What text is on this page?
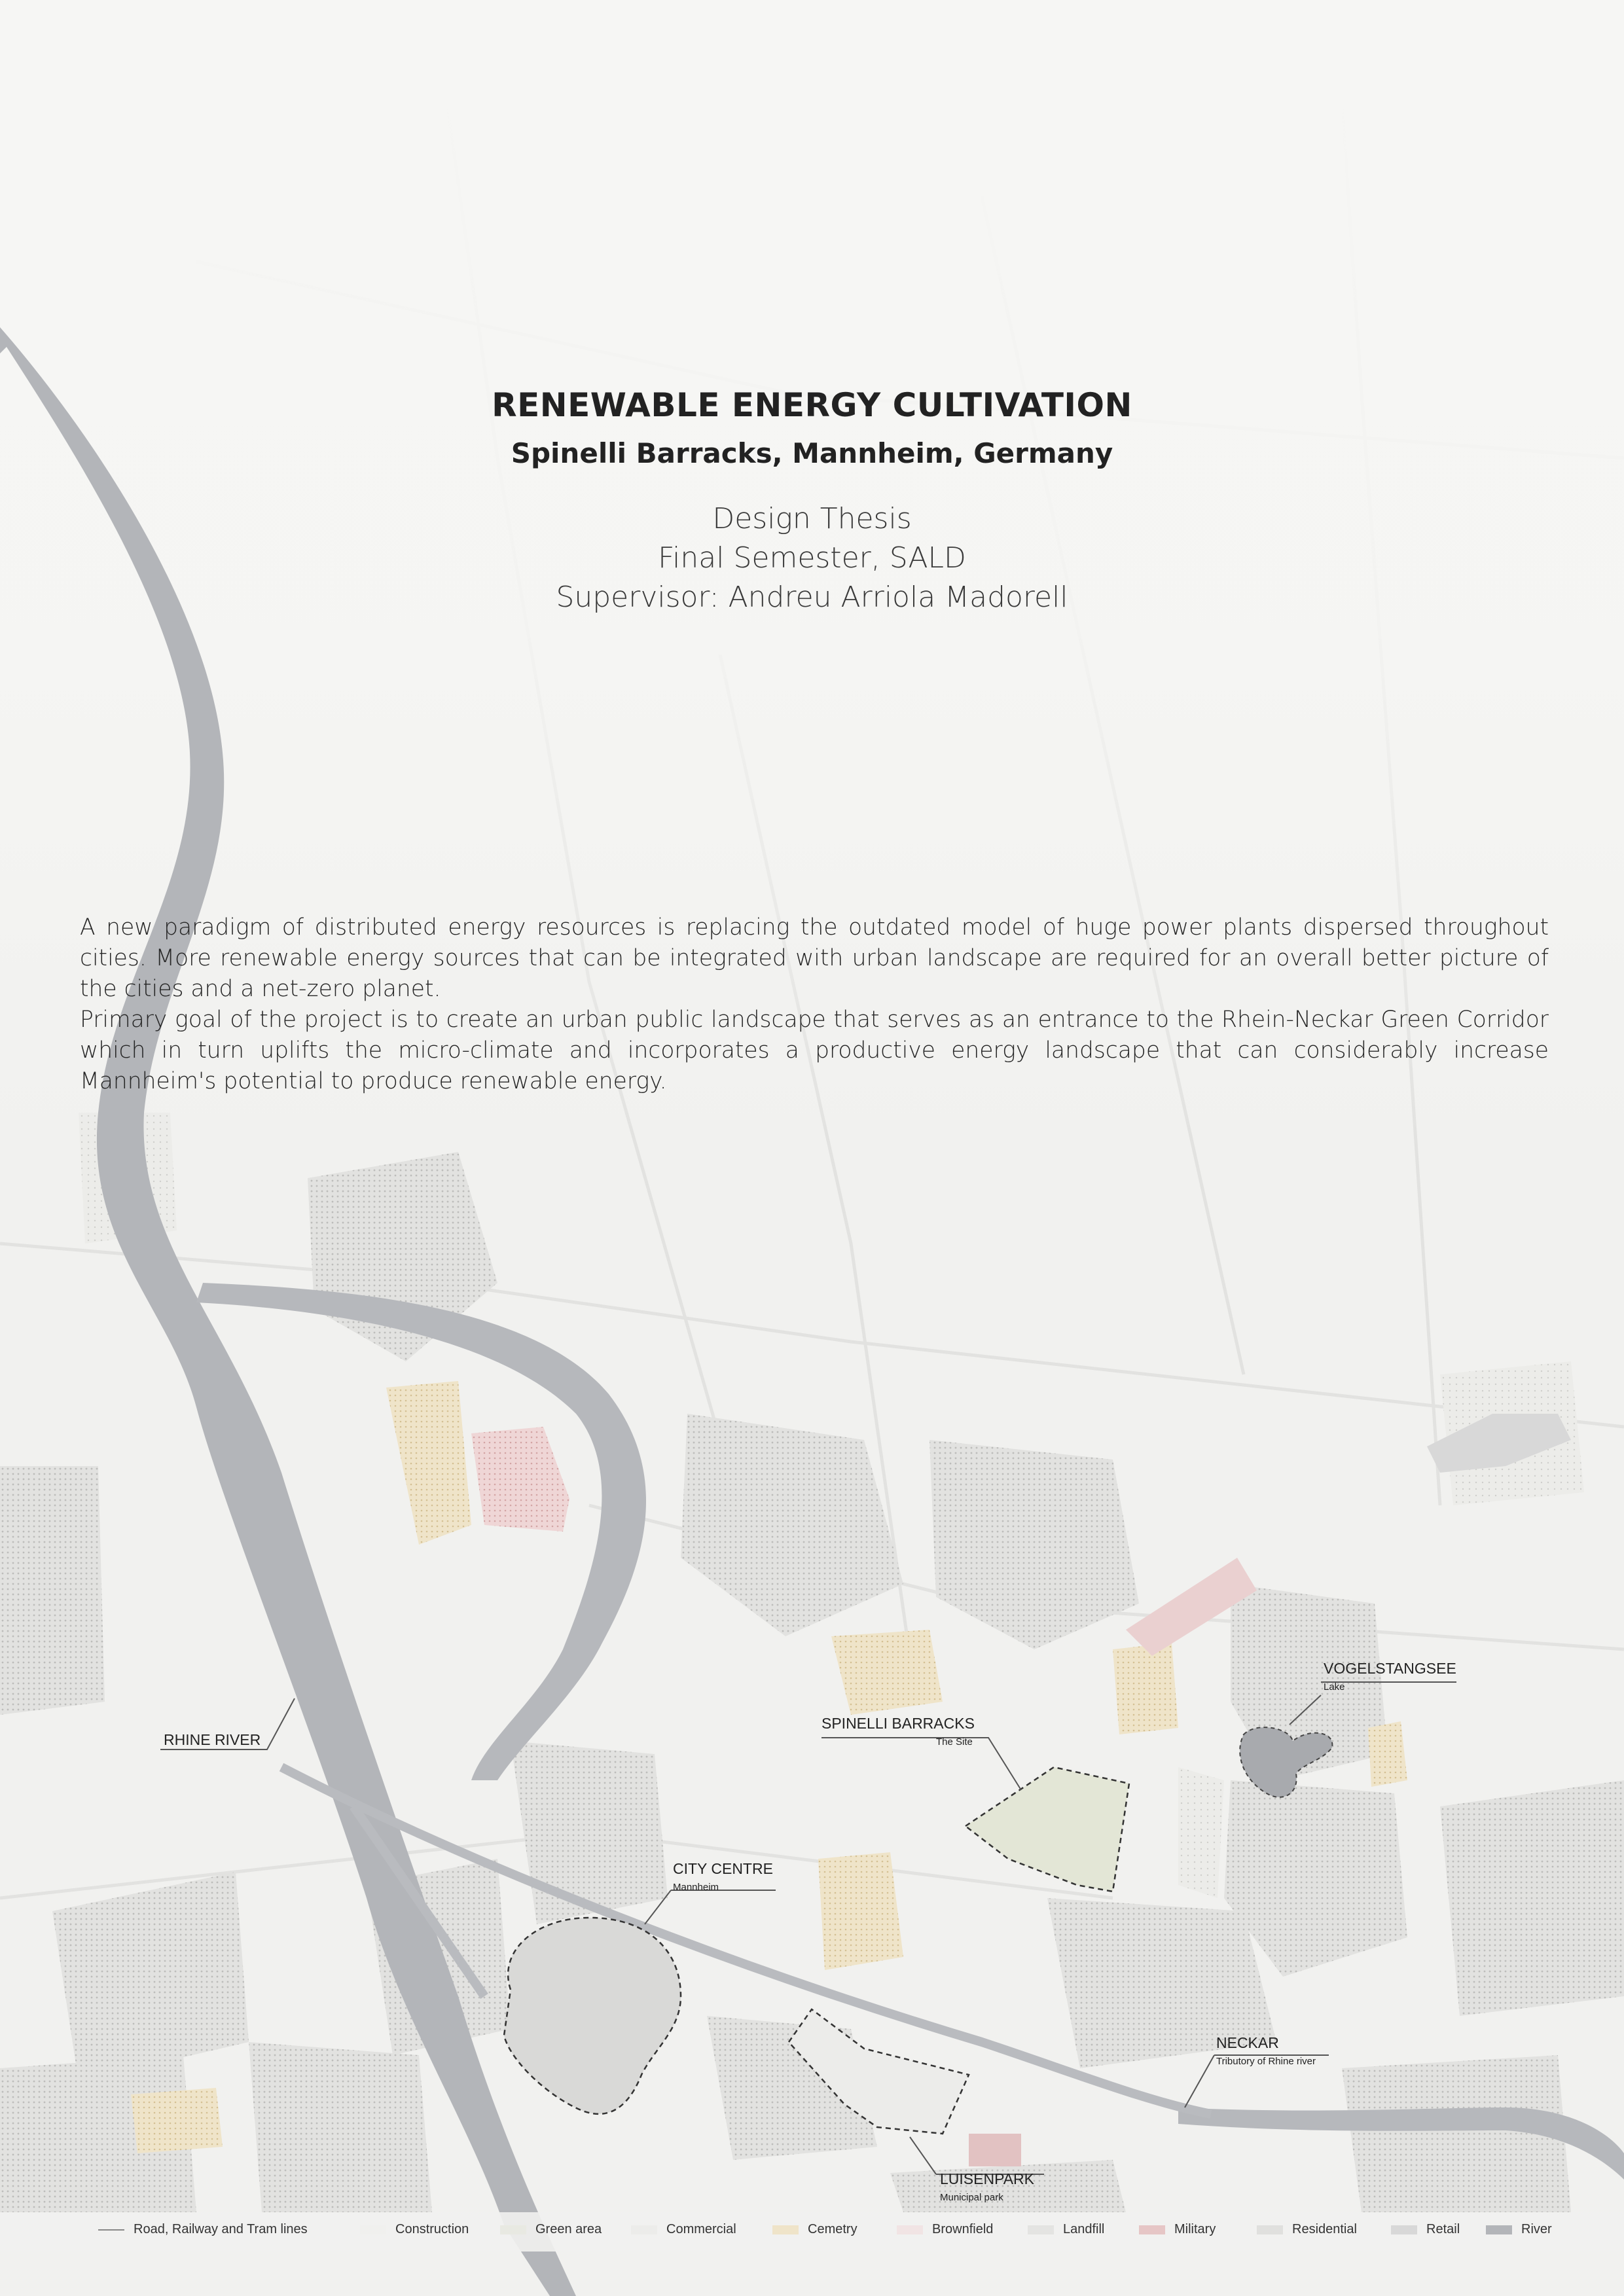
RENEWABLE ENERGY CULTIVATION
Spinelli Barracks, Mannheim, Germany
Design Thesis
Final Semester, SALD
Supervisor: Andreu Arriola Madorell

A new paradigm of distributed energy resources is replacing the outdated model of huge power plants dispersed throughout cities. More renewable energy sources that can be integrated with urban landscape are required for an overall better picture of the cities and a net-zero planet.

Primary goal of the project is to create an urban public landscape that serves as an entrance to the Rhein-Neckar Green Corridor which in turn uplifts the micro-climate and incorporates a productive energy landscape that can considerably increase Mannheim's potential to produce renewable energy.

RHINE RIVER
SPINELLI BARRACKS
The Site
VOGELSTANGSEE
Lake
CITY CENTRE
Mannheim
NECKAR
Tributory of Rhine river
LUISENPARK
Municipal park
Road, Railway and Tram lines	Construction	Green area	Commercial	Cemetry	Brownfield	Landfill	Military	Residential	Retail	River
